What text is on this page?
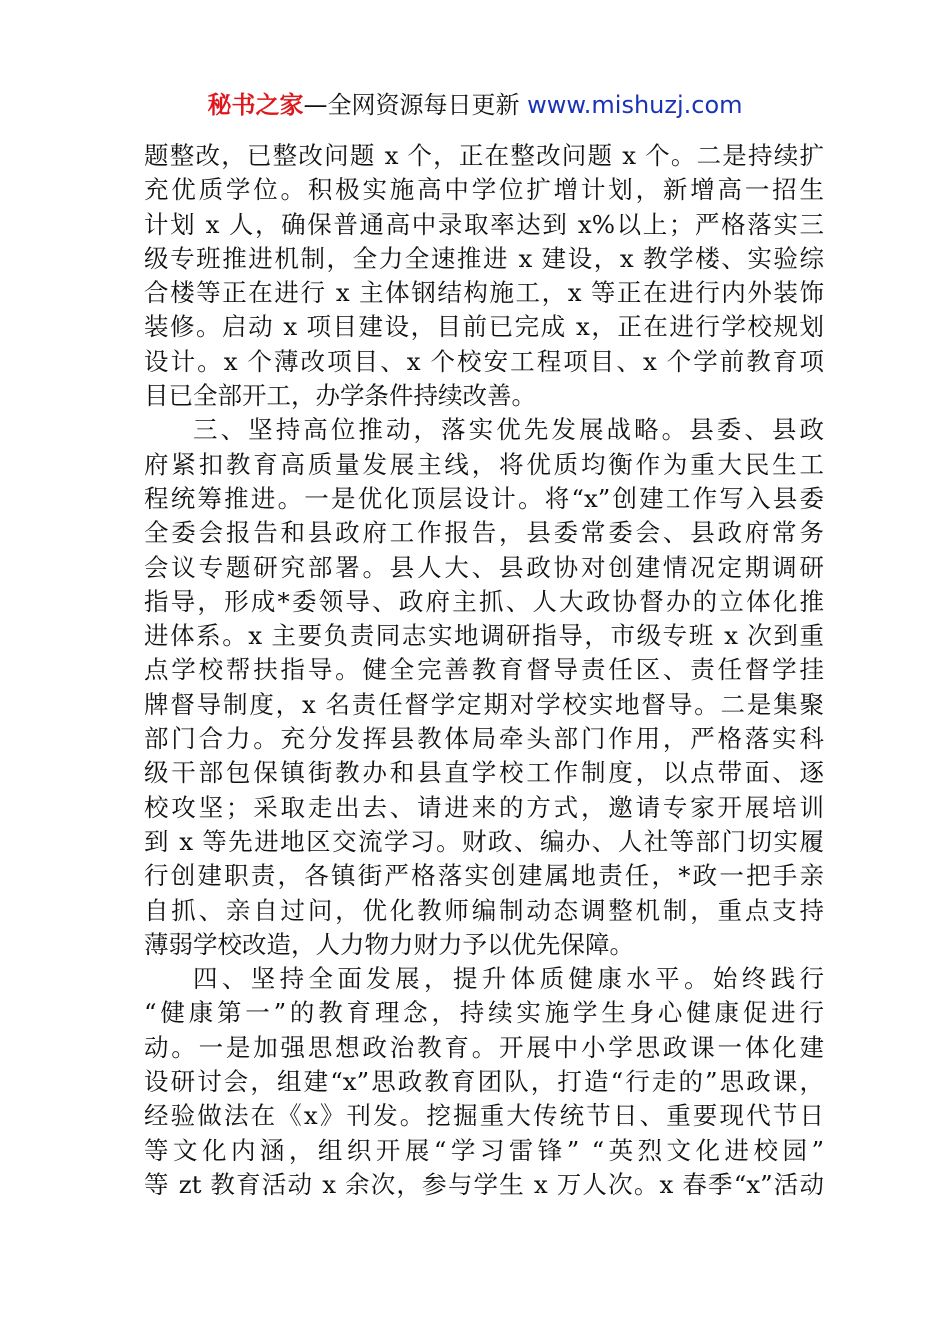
秘书之家—全网资源每日更新 www.mishuzj.com
题整改，已整改问题 x 个，正在整改问题 x 个。二是持续扩
充优质学位。积极实施高中学位扩增计划，新增高一招生
计划 x 人，确保普通高中录取率达到 x%以上；严格落实三
级专班推进机制，全力全速推进 x 建设，x 教学楼、实验综
合楼等正在进行 x 主体钢结构施工，x 等正在进行内外装饰
装修。启动 x 项目建设，目前已完成 x，正在进行学校规划
设计。x 个薄改项目、x 个校安工程项目、x 个学前教育项
目已全部开工，办学条件持续改善。
三、坚持高位推动，落实优先发展战略。县委、县政
府紧扣教育高质量发展主线，将优质均衡作为重大民生工
程统筹推进。一是优化顶层设计。将“x”创建工作写入县委
全委会报告和县政府工作报告，县委常委会、县政府常务
会议专题研究部署。县人大、县政协对创建情况定期调研
指导，形成*委领导、政府主抓、人大政协督办的立体化推
进体系。x 主要负责同志实地调研指导，市级专班 x 次到重
点学校帮扶指导。健全完善教育督导责任区、责任督学挂
牌督导制度，x 名责任督学定期对学校实地督导。二是集聚
部门合力。充分发挥县教体局牵头部门作用，严格落实科
级干部包保镇街教办和县直学校工作制度，以点带面、逐
校攻坚；采取走出去、请进来的方式，邀请专家开展培训
到 x 等先进地区交流学习。财政、编办、人社等部门切实履
行创建职责，各镇街严格落实创建属地责任，*政一把手亲
自抓、亲自过问，优化教师编制动态调整机制，重点支持
薄弱学校改造，人力物力财力予以优先保障。
四、坚持全面发展，提升体质健康水平。始终践行
“健康第一”的教育理念，持续实施学生身心健康促进行
动。一是加强思想政治教育。开展中小学思政课一体化建
设研讨会，组建“x”思政教育团队，打造“行走的”思政课，
经验做法在《x》刊发。挖掘重大传统节日、重要现代节日
等文化内涵，组织开展“学习雷锋” “英烈文化进校园”
等 zt 教育活动 x 余次，参与学生 x 万人次。x 春季“x”活动
